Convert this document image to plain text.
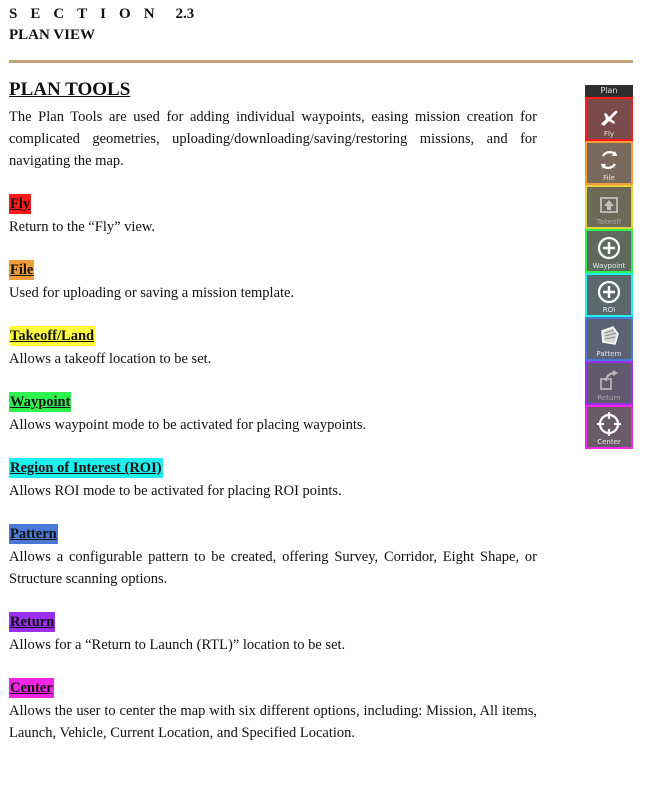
SECTION 2.3
PLAN VIEW
PLAN TOOLS

The Plan Tools are used for adding individual waypoints, easing mission creation for complicated geometries, uploading/downloading/saving/restoring missions, and for navigating the map.

Fly

Return to the “Fly” view.

File

Used for uploading or saving a mission template.

Takeoff/Land

Allows a takeoff location to be set.

Waypoint

Allows waypoint mode to be activated for placing waypoints.

Region of Interest (ROI)

Allows ROI mode to be activated for placing ROI points.

Pattern

Allows a configurable pattern to be created, offering Survey, Corridor, Eight Shape, or Structure scanning options.

Return

Allows for a “Return to Launch (RTL)” location to be set.

Center

Allows the user to center the map with six different options, including: Mission, All items, Launch, Vehicle, Current Location, and Specified Location.

Plan
Fly
File
Takeoff
Waypoint
ROI
Pattern
Return
Center
